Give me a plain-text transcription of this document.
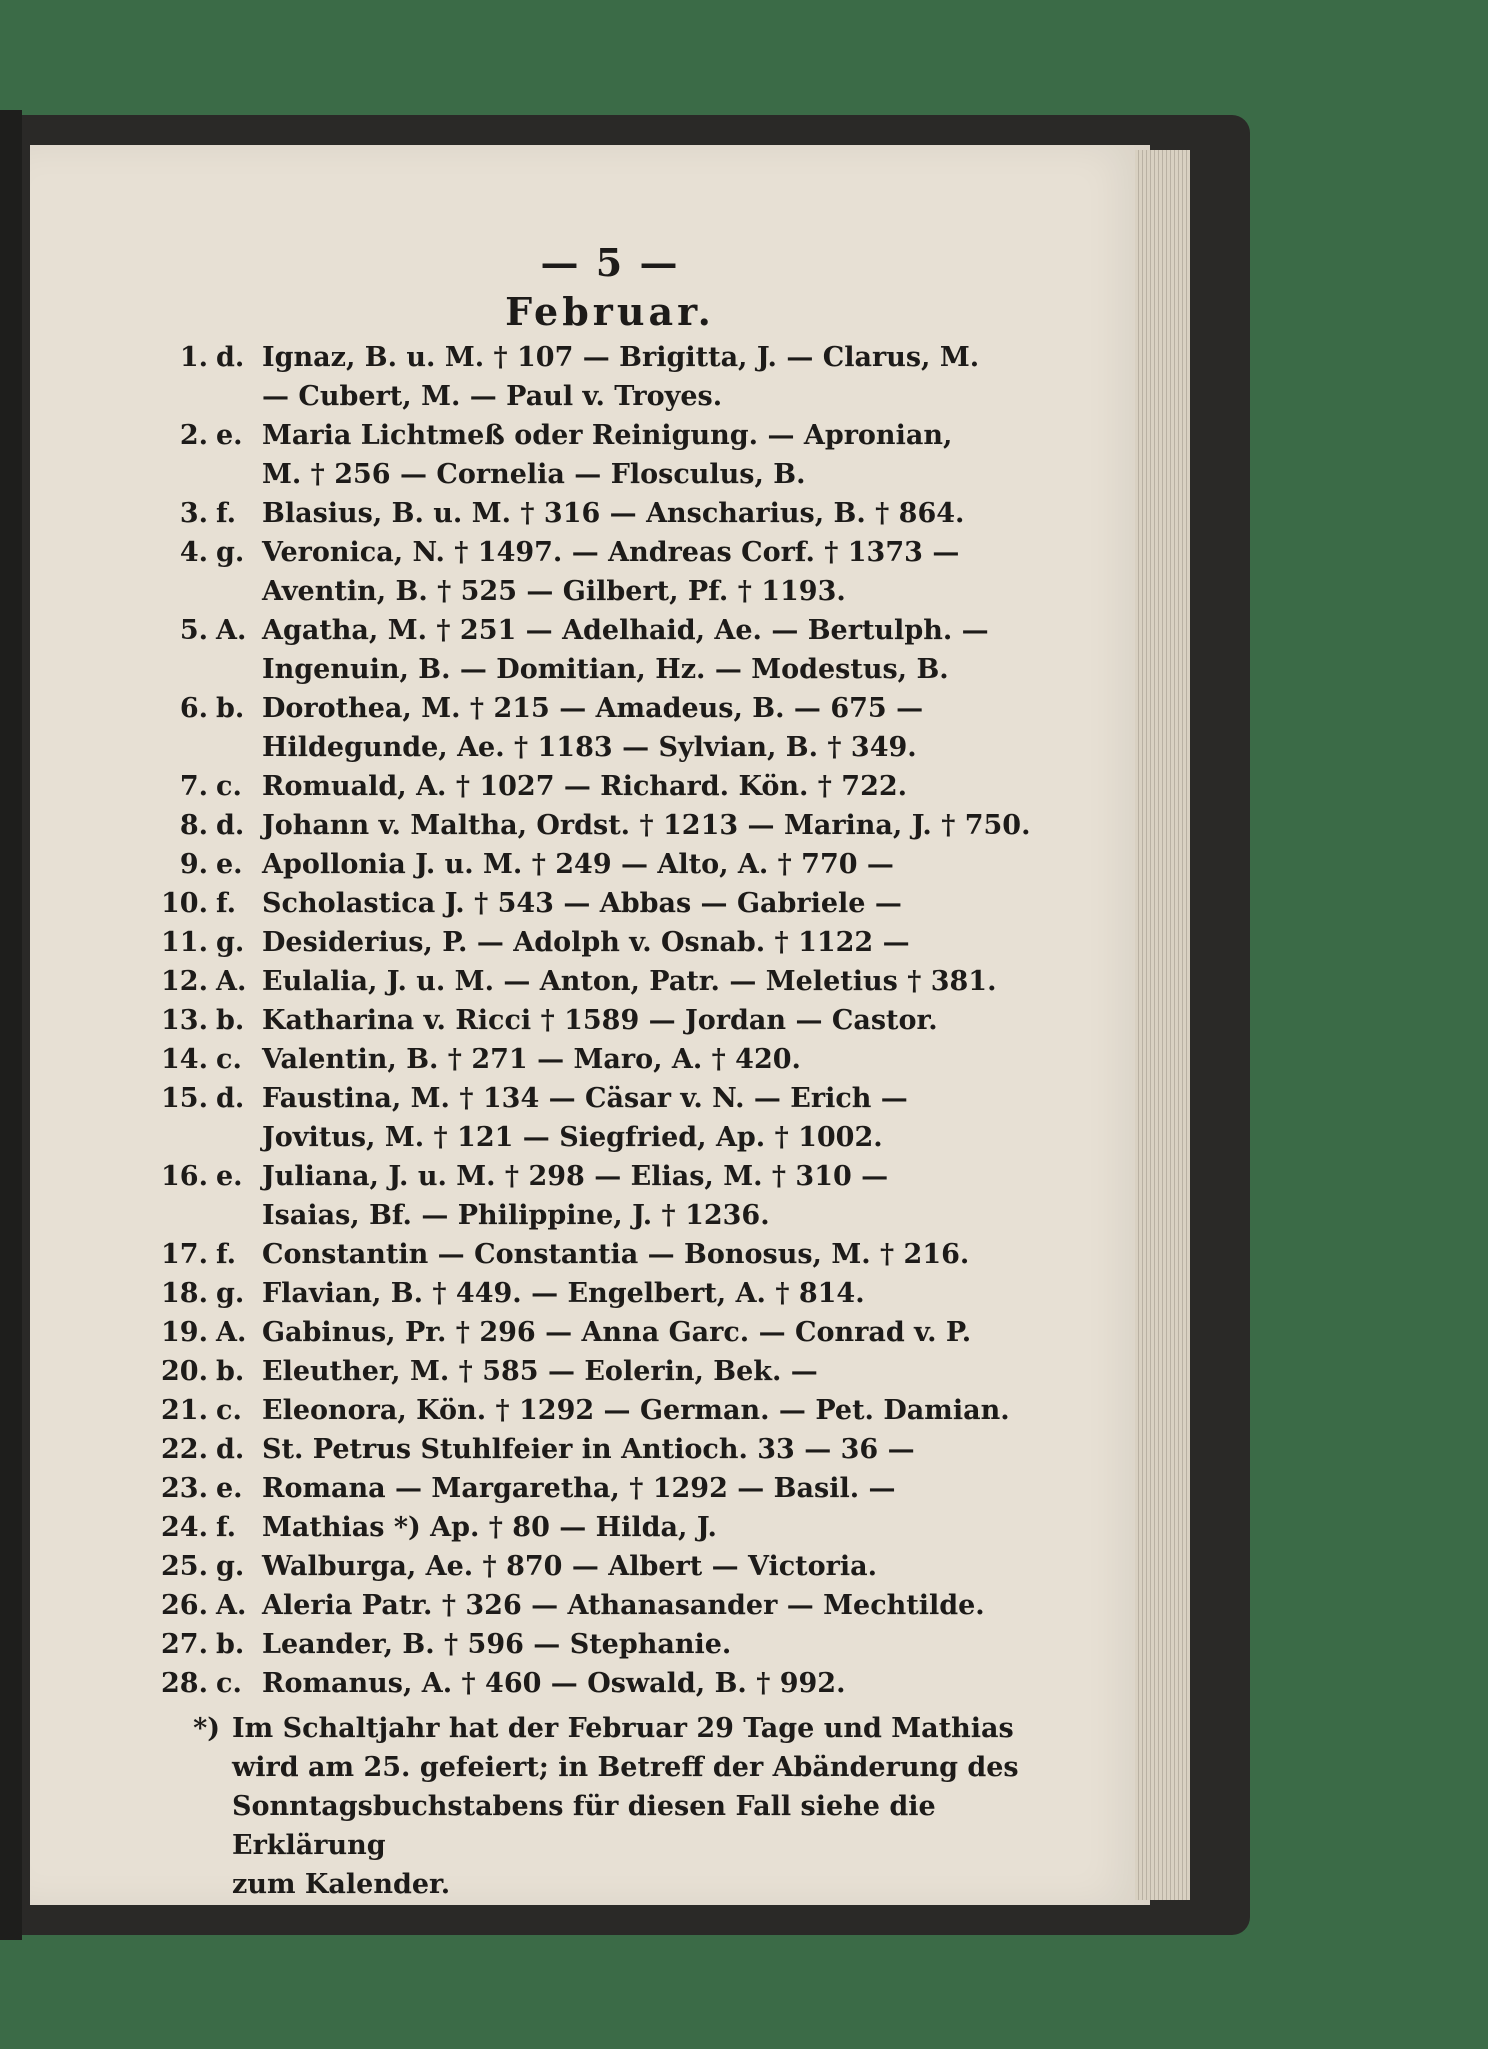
— 5 —
Februar.
1. d. Ignaz, B. u. M. † 107 — Brigitta, J. — Clarus, M.
— Cubert, M. — Paul v. Troyes.
2. e. Maria Lichtmeß oder Reinigung. — Apronian,
M. † 256 — Cornelia — Flosculus, B.
3. f. Blasius, B. u. M. † 316 — Anscharius, B. † 864.
4. g. Veronica, N. † 1497. — Andreas Corf. † 1373 —
Aventin, B. † 525 — Gilbert, Pf. † 1193.
5. A. Agatha, M. † 251 — Adelhaid, Ae. — Bertulph. —
Ingenuin, B. — Domitian, Hz. — Modestus, B.
6. b. Dorothea, M. † 215 — Amadeus, B. — 675 —
Hildegunde, Ae. † 1183 — Sylvian, B. † 349.
7. c. Romuald, A. † 1027 — Richard. Kön. † 722.
8. d. Johann v. Maltha, Ordst. † 1213 — Marina, J. † 750.
9. e. Apollonia J. u. M. † 249 — Alto, A. † 770 —
10. f. Scholastica J. † 543 — Abbas — Gabriele —
11. g. Desiderius, P. — Adolph v. Osnab. † 1122 —
12. A. Eulalia, J. u. M. — Anton, Patr. — Meletius † 381.
13. b. Katharina v. Ricci † 1589 — Jordan — Castor.
14. c. Valentin, B. † 271 — Maro, A. † 420.
15. d. Faustina, M. † 134 — Cäsar v. N. — Erich —
Jovitus, M. † 121 — Siegfried, Ap. † 1002.
16. e. Juliana, J. u. M. † 298 — Elias, M. † 310 —
Isaias, Bf. — Philippine, J. † 1236.
17. f. Constantin — Constantia — Bonosus, M. † 216.
18. g. Flavian, B. † 449. — Engelbert, A. † 814.
19. A. Gabinus, Pr. † 296 — Anna Garc. — Conrad v. P.
20. b. Eleuther, M. † 585 — Eolerin, Bek. —
21. c. Eleonora, Kön. † 1292 — German. — Pet. Damian.
22. d. St. Petrus Stuhlfeier in Antioch. 33 — 36 —
23. e. Romana — Margaretha, † 1292 — Basil. —
24. f. Mathias *) Ap. † 80 — Hilda, J.
25. g. Walburga, Ae. † 870 — Albert — Victoria.
26. A. Aleria Patr. † 326 — Athanasander — Mechtilde.
27. b. Leander, B. † 596 — Stephanie.
28. c. Romanus, A. † 460 — Oswald, B. † 992.
*) Im Schaltjahr hat der Februar 29 Tage und Mathias
wird am 25. gefeiert; in Betreff der Abänderung des
Sonntagsbuchstabens für diesen Fall siehe die Erklärung
zum Kalender.
